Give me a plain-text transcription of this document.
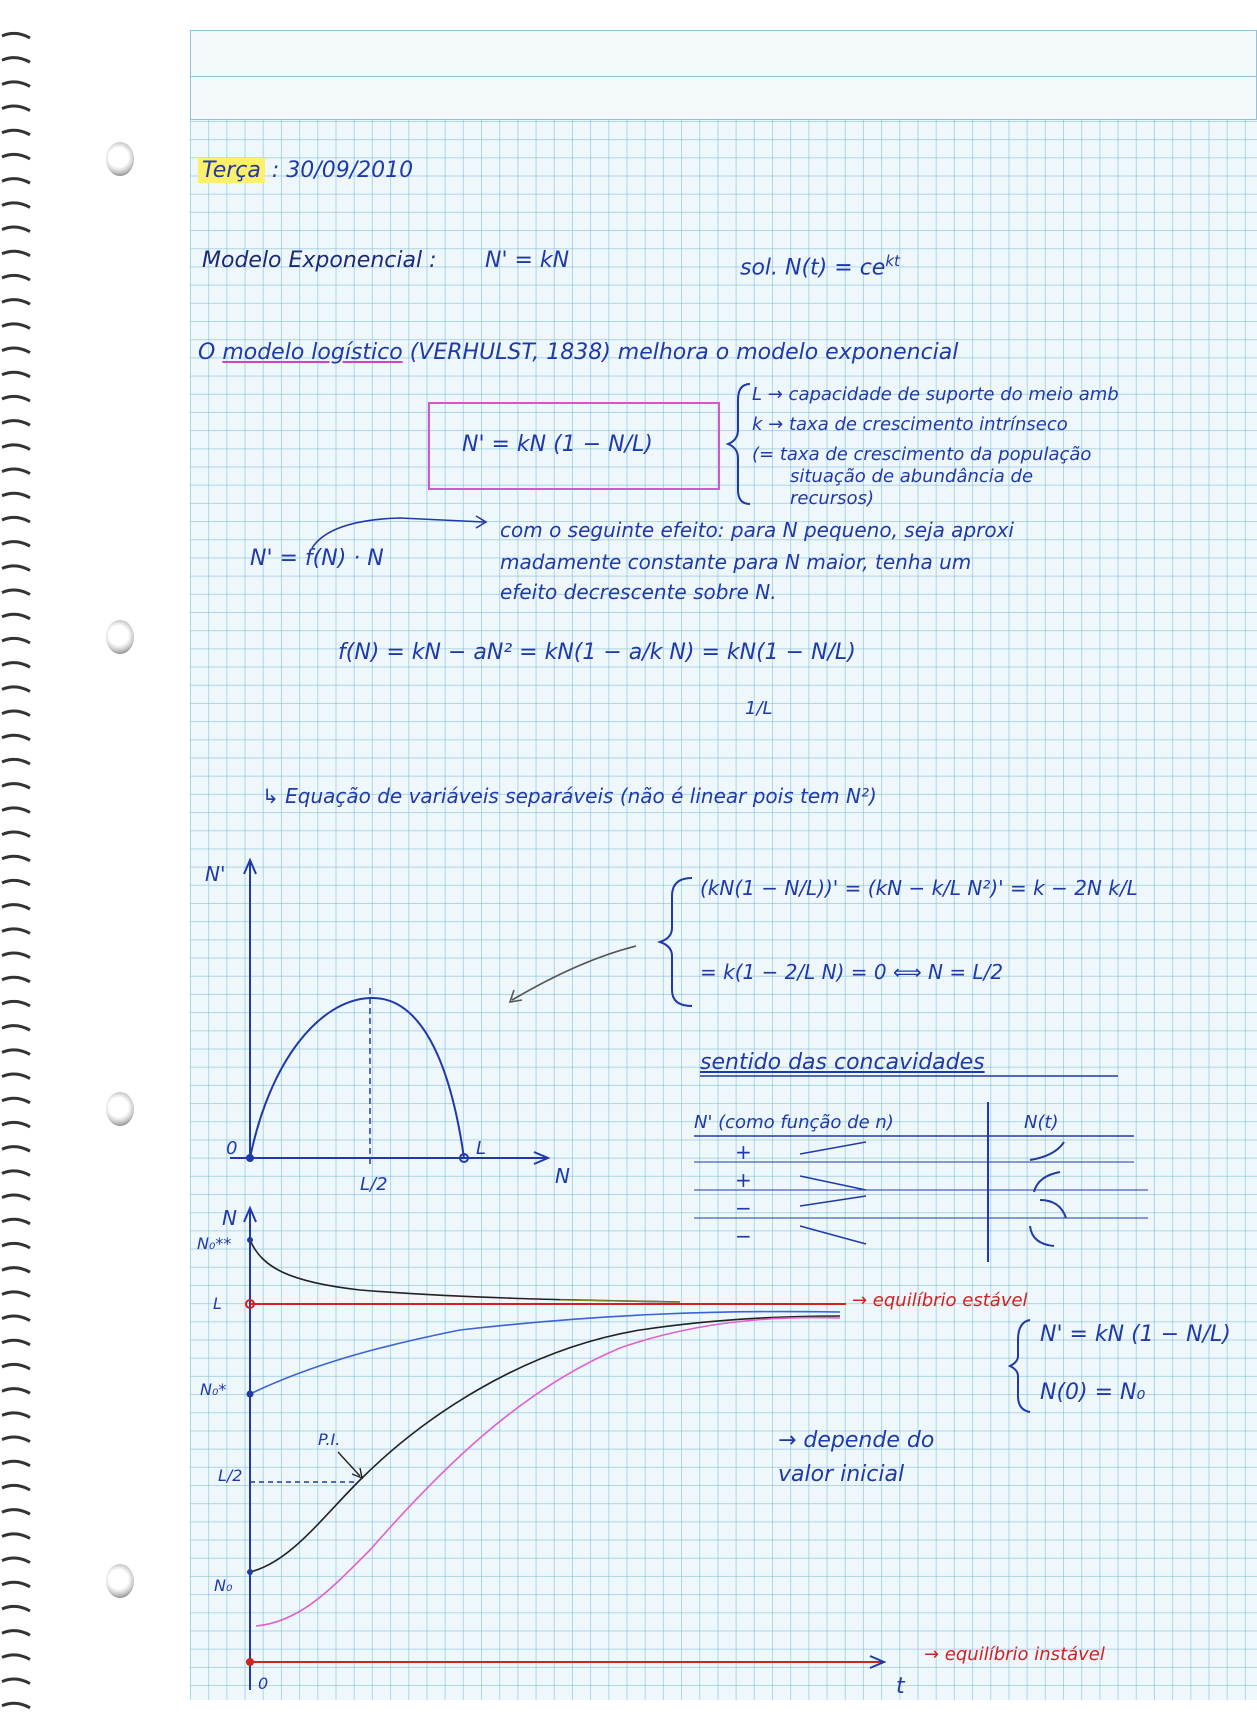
Terça : 30/09/2010
Modelo Exponencial : N' = kN	sol. $N(t) = ce^{kt}$
O modelo logístico (VERHULST, 1838) melhora o modelo exponencial
N' = kN (1 − N/L)
L → capacidade de suporte do meio amb
k → taxa de crescimento intrínseco
(= taxa de crescimento da população
situação de abundância de
recursos)
N' = f(N) · N
com o seguinte efeito: para N pequeno, seja aproxi
madamente constante para N maior, tenha um
efeito decrescente sobre N.
f(N) = kN − aN² = kN(1 − a/k N) = kN(1 − N/L)
1/L
↳ Equação de variáveis separáveis (não é linear pois tem N²)
(kN(1 − N/L))' = (kN − k/L N²)' = k − 2N k/L
= k(1 − 2/L N) = 0 ⟺ N = L/2
sentido das concavidades
N' (como função de n)	N(t)
+
+
−
−
N'
N
0
L/2
L
N
t
N₀**
L
N₀*
L/2
N₀
0
P.I.
→ equilíbrio estável
→ equilíbrio instável
→ depende do
valor inicial
N' = kN (1 − N/L)
N(0) = N₀
